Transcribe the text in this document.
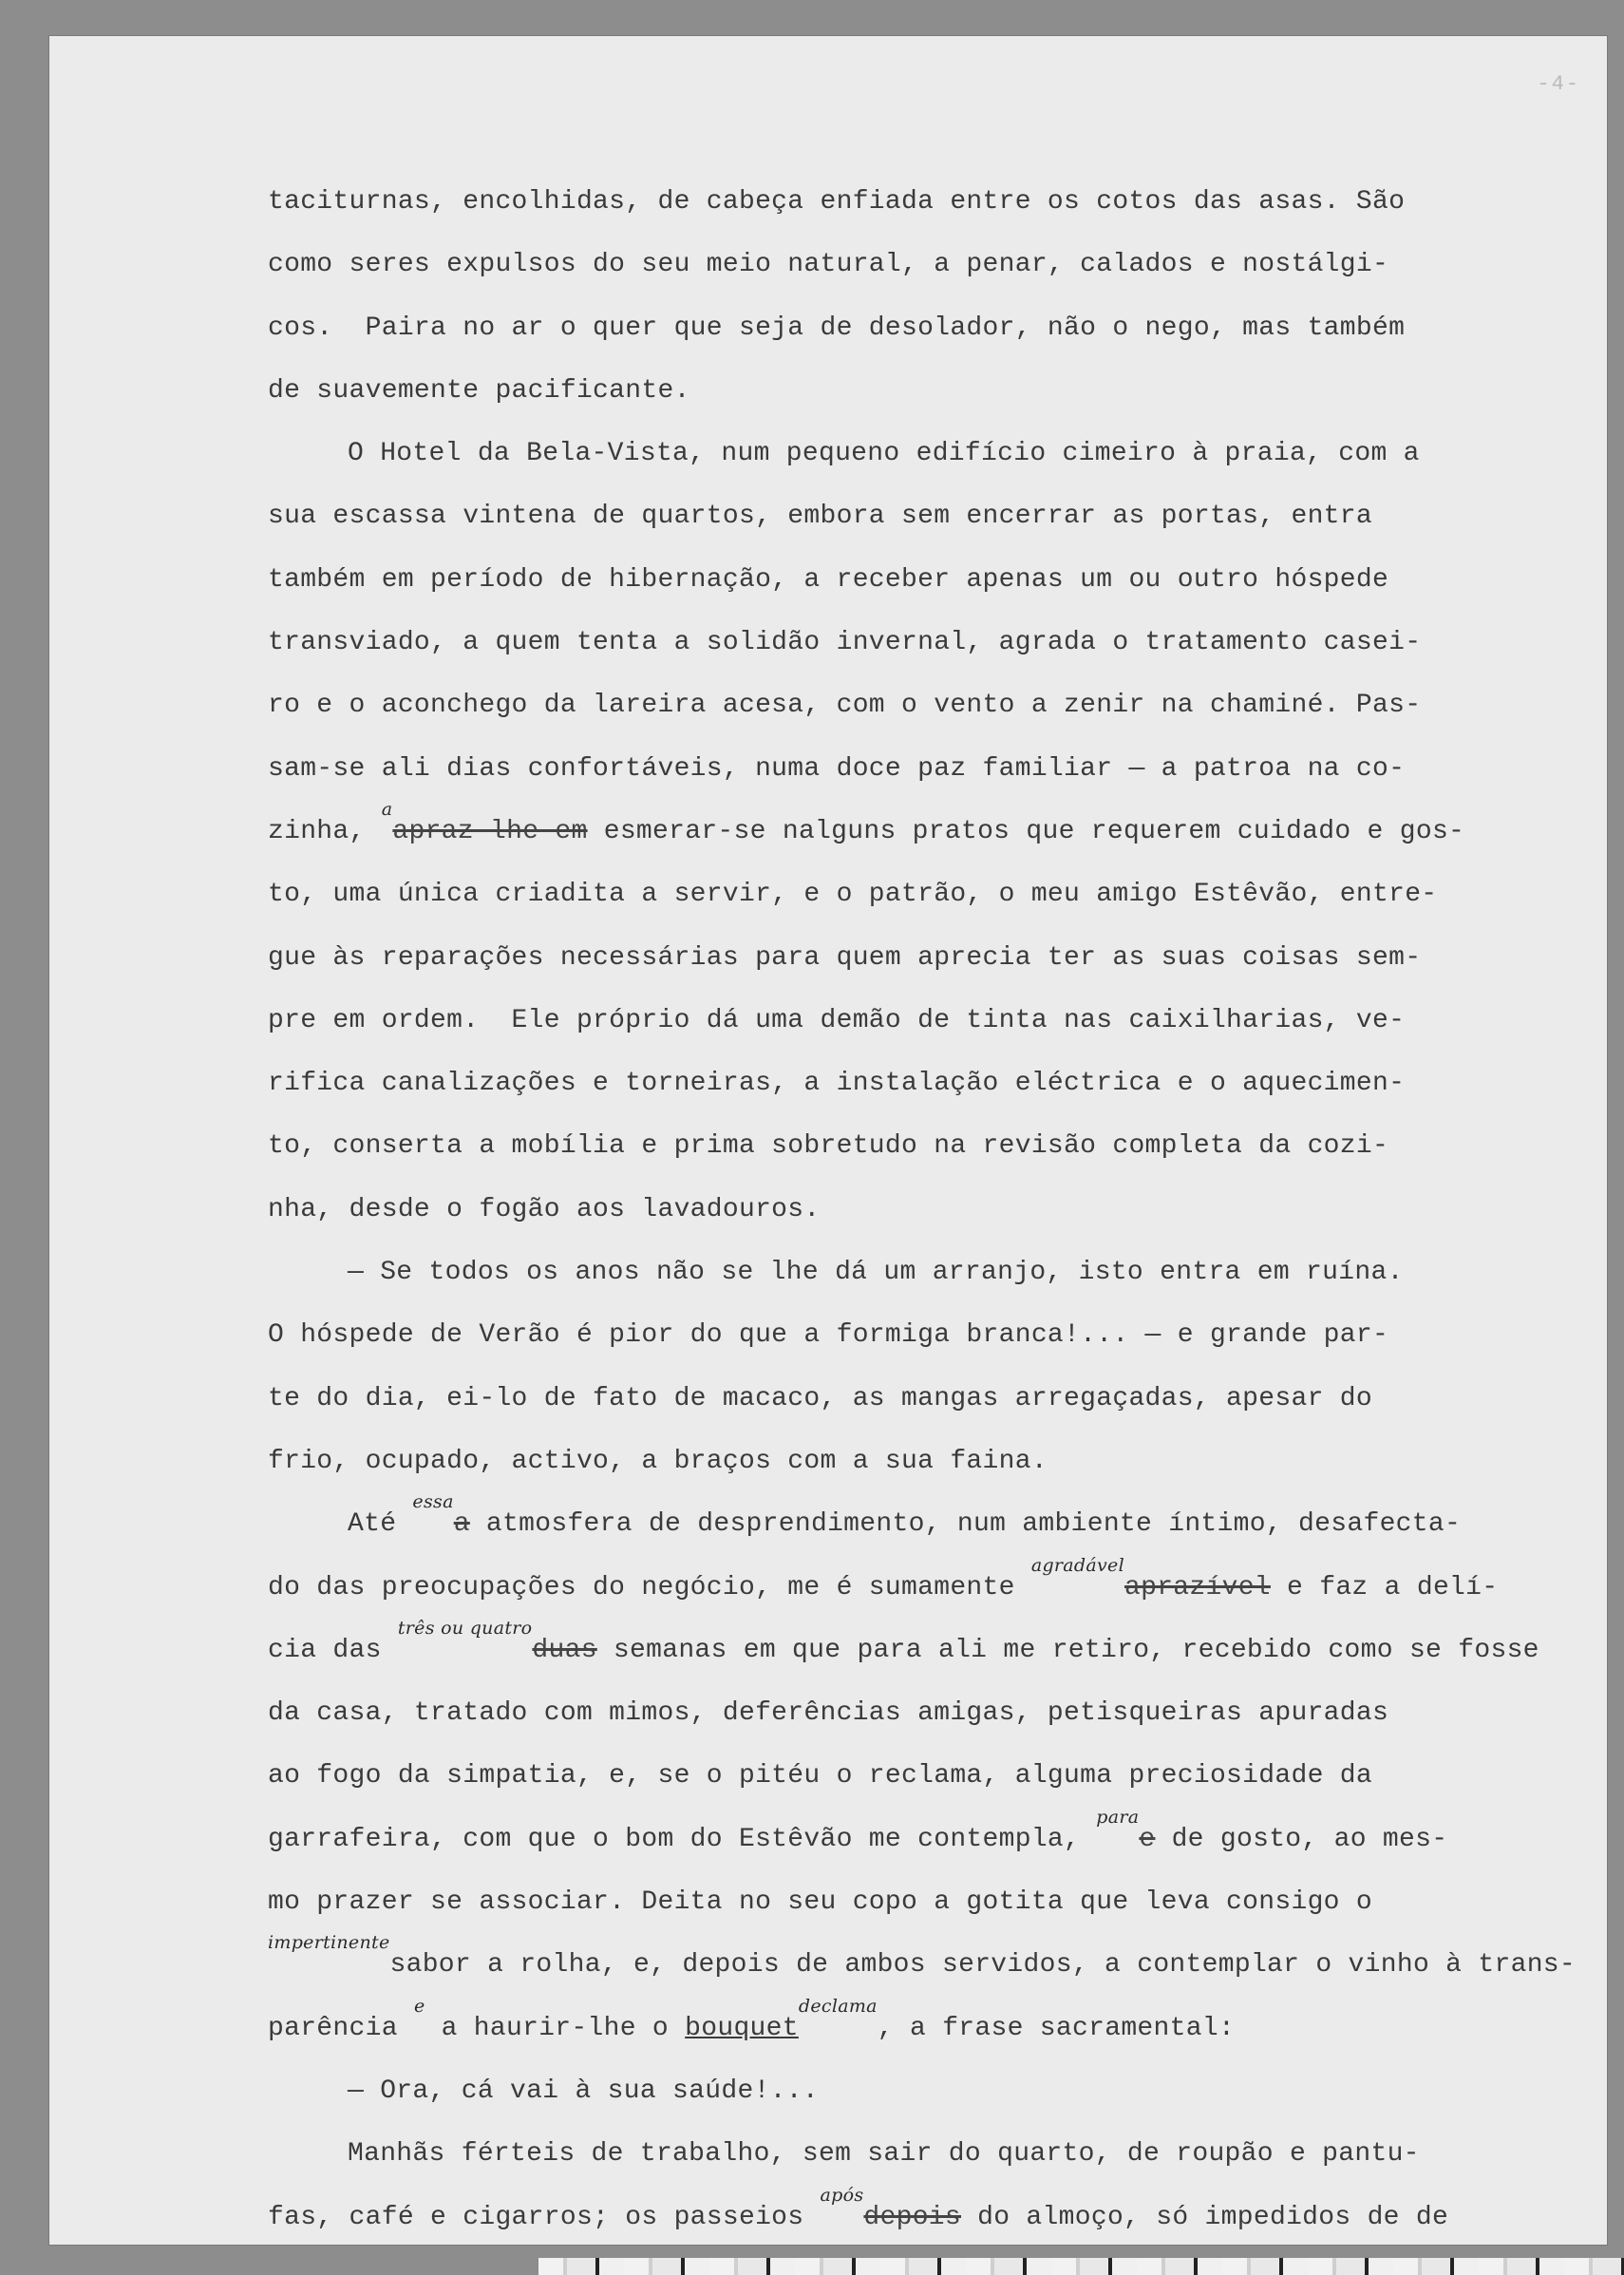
-4-
taciturnas, encolhidas, de cabeça enfiada entre os cotos das asas. São
como seres expulsos do seu meio natural, a penar, calados e nostálgi-
cos.  Paira no ar o quer que seja de desolador, não o nego, mas também
de suavemente pacificante.
O Hotel da Bela-Vista, num pequeno edifício cimeiro à praia, com a
sua escassa vintena de quartos, embora sem encerrar as portas, entra
também em período de hibernação, a receber apenas um ou outro hóspede
transviado, a quem tenta a solidão invernal, agrada o tratamento casei-
ro e o aconchego da lareira acesa, com o vento a zenir na chaminé. Pas-
sam-se ali dias confortáveis, numa doce paz familiar — a patroa na co-
zinha, $^a$apraz-lhe em esmerar-se nalguns pratos que requerem cuidado e gos-
to, uma única criadita a servir, e o patrão, o meu amigo Estêvão, entre-
gue às reparações necessárias para quem aprecia ter as suas coisas sem-
pre em ordem.  Ele próprio dá uma demão de tinta nas caixilharias, ve-
rifica canalizações e torneiras, a instalação eléctrica e o aquecimen-
to, conserta a mobília e prima sobretudo na revisão completa da cozi-
nha, desde o fogão aos lavadouros.
— Se todos os anos não se lhe dá um arranjo, isto entra em ruína.
O hóspede de Verão é pior do que a formiga branca!... — e grande par-
te do dia, ei-lo de fato de macaco, as mangas arregaçadas, apesar do
frio, ocupado, activo, a braços com a sua faina.
Até $^{essa}$a atmosfera de desprendimento, num ambiente íntimo, desafecta-
do das preocupações do negócio, me é sumamente $^{agradável}$aprazível e faz a delí-
cia das $^{três ou quatro}$duas semanas em que para ali me retiro, recebido como se fosse
da casa, tratado com mimos, deferências amigas, petisqueiras apuradas
ao fogo da simpatia, e, se o pitéu o reclama, alguma preciosidade da
garrafeira, com que o bom do Estêvão me contempla, $^{para}$e de gosto, ao mes-
mo prazer se associar. Deita no seu copo a gotita que leva consigo o
$^{impertinente}$sabor a rolha, e, depois de ambos servidos, a contemplar o vinho à trans-
parência $^e$ a haurir-lhe o bouquet$^{declama}$, a frase sacramental:
— Ora, cá vai à sua saúde!...
Manhãs férteis de trabalho, sem sair do quarto, de roupão e pantu-
fas, café e cigarros; os passeios $^{após}$depois do almoço, só impedidos de de
